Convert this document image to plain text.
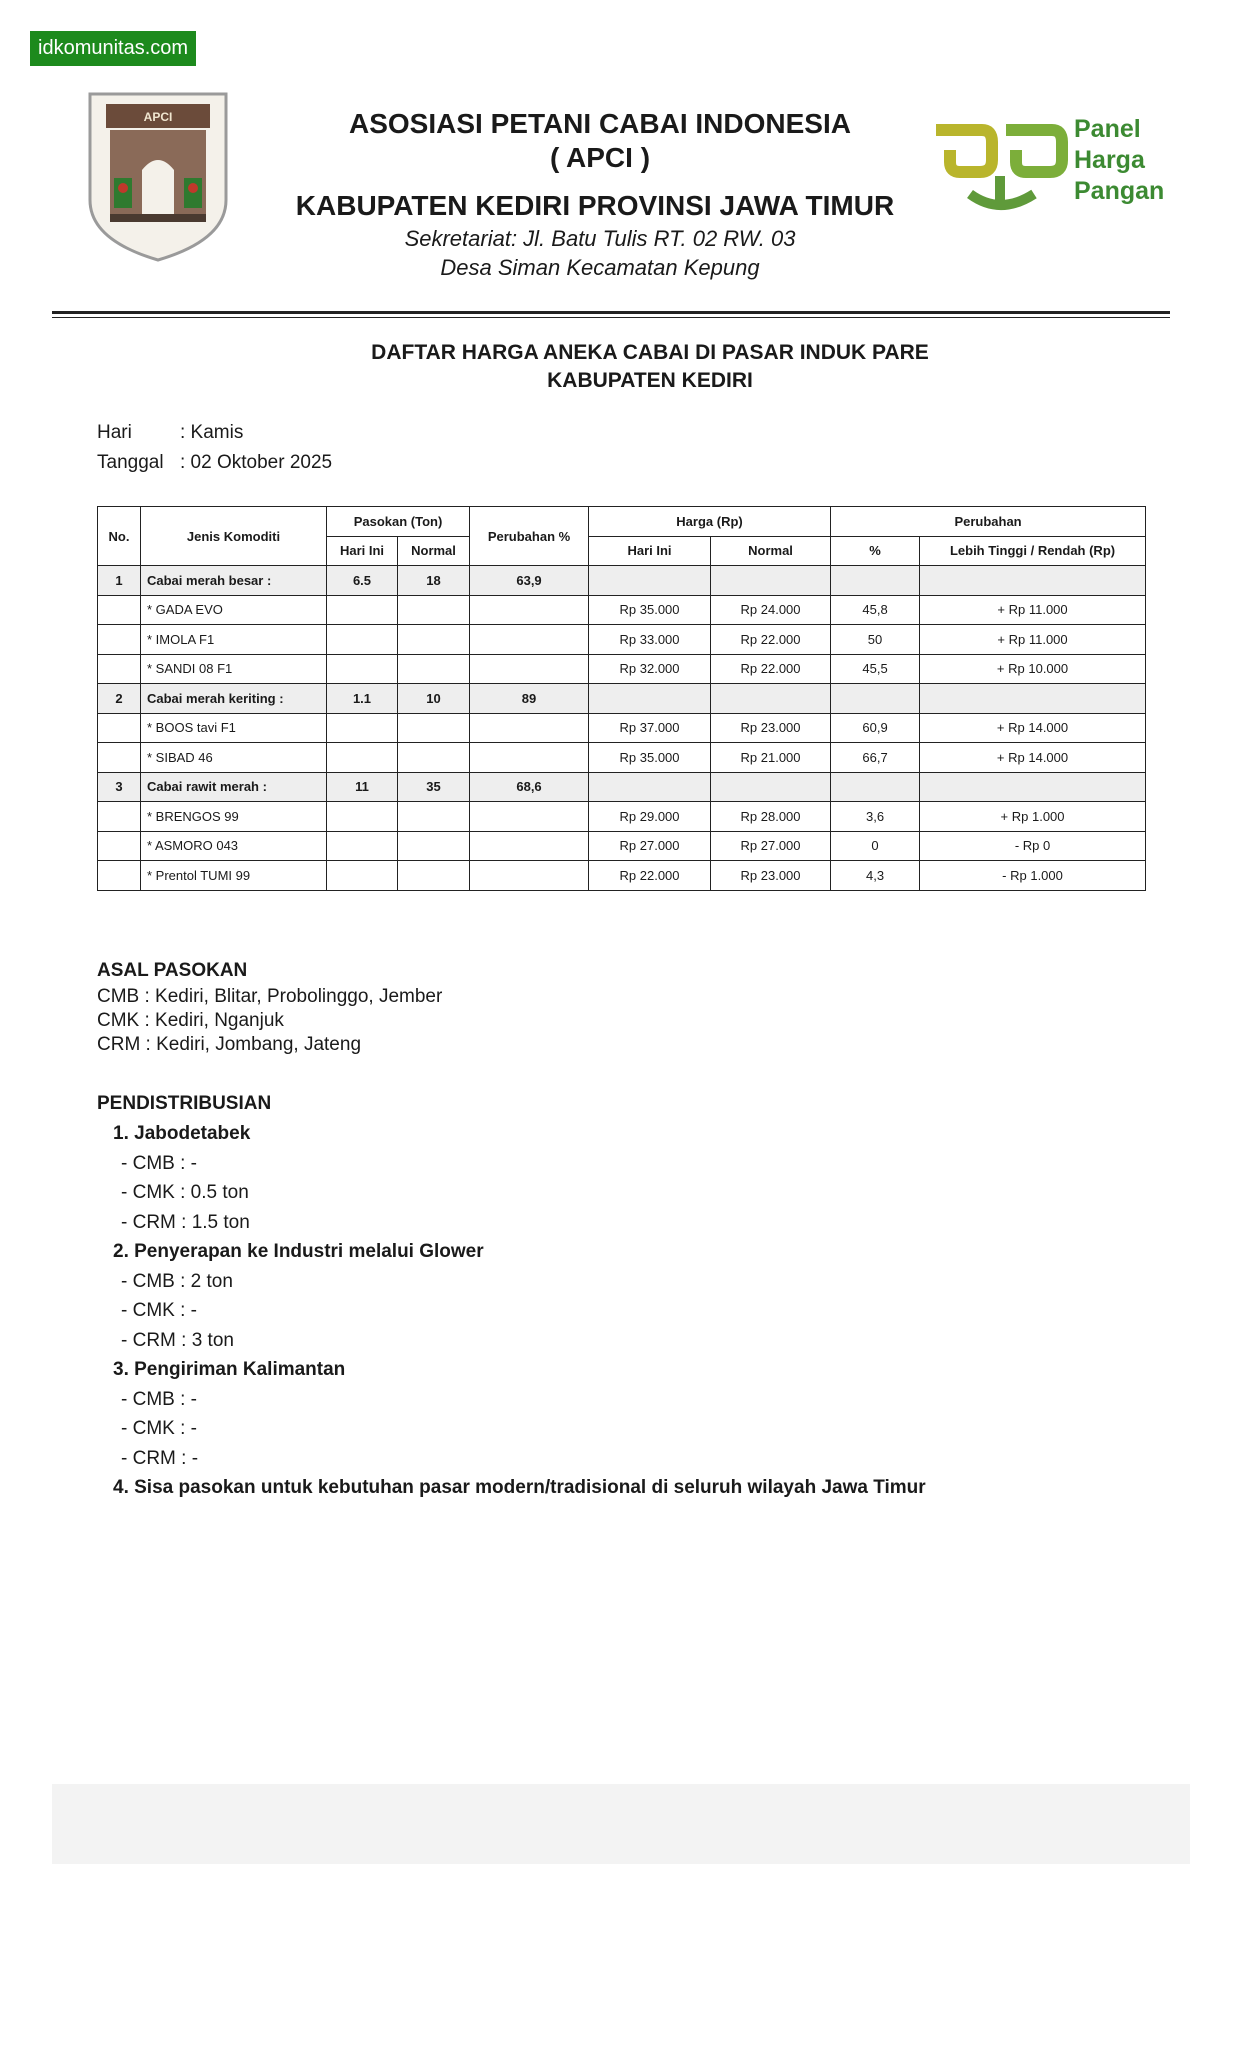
idkomunitas.com
APCI	ASOSIASI PETANI CABAI INDONESIA
( APCI )
KABUPATEN KEDIRI PROVINSI JAWA TIMUR
Sekretariat: Jl. Batu Tulis RT. 02 RW. 03
Desa Siman Kecamatan Kepung
Panel
Harga
Pangan
DAFTAR HARGA ANEKA CABAI DI PASAR INDUK PARE
KABUPATEN KEDIRI
Hari	: Kamis
Tanggal : 02 Oktober 2025
No.	Jenis Komoditi	Pasokan (Ton)		Perubahan %	Harga (Rp)		Perubahan	
		Hari Ini	Normal		Hari Ini	Normal	%	Lebih Tinggi / Rendah (Rp)
1	Cabai merah besar :	6.5	18	63,9				
	* GADA EVO				Rp 35.000	Rp 24.000	45,8	+ Rp 11.000
	* IMOLA F1				Rp 33.000	Rp 22.000	50	+ Rp 11.000
	* SANDI 08 F1				Rp 32.000	Rp 22.000	45,5	+ Rp 10.000
2	Cabai merah keriting :	1.1	10	89				
	* BOOS tavi F1				Rp 37.000	Rp 23.000	60,9	+ Rp 14.000
	* SIBAD 46				Rp 35.000	Rp 21.000	66,7	+ Rp 14.000
3	Cabai rawit merah :	11	35	68,6				
	* BRENGOS 99				Rp 29.000	Rp 28.000	3,6	+ Rp 1.000
	* ASMORO 043				Rp 27.000	Rp 27.000	0	- Rp 0
	* Prentol TUMI 99				Rp 22.000	Rp 23.000	4,3	- Rp 1.000
ASAL PASOKAN
CMB : Kediri, Blitar, Probolinggo, Jember
CMK : Kediri, Nganjuk
CRM : Kediri, Jombang, Jateng
PENDISTRIBUSIAN
1. Jabodetabek
- CMB : -
- CMK : 0.5 ton
- CRM : 1.5 ton
2. Penyerapan ke Industri melalui Glower
- CMB : 2 ton
- CMK : -
- CRM : 3 ton
3. Pengiriman Kalimantan
- CMB : -
- CMK : -
- CRM : -
4. Sisa pasokan untuk kebutuhan pasar modern/tradisional di seluruh wilayah Jawa Timur
